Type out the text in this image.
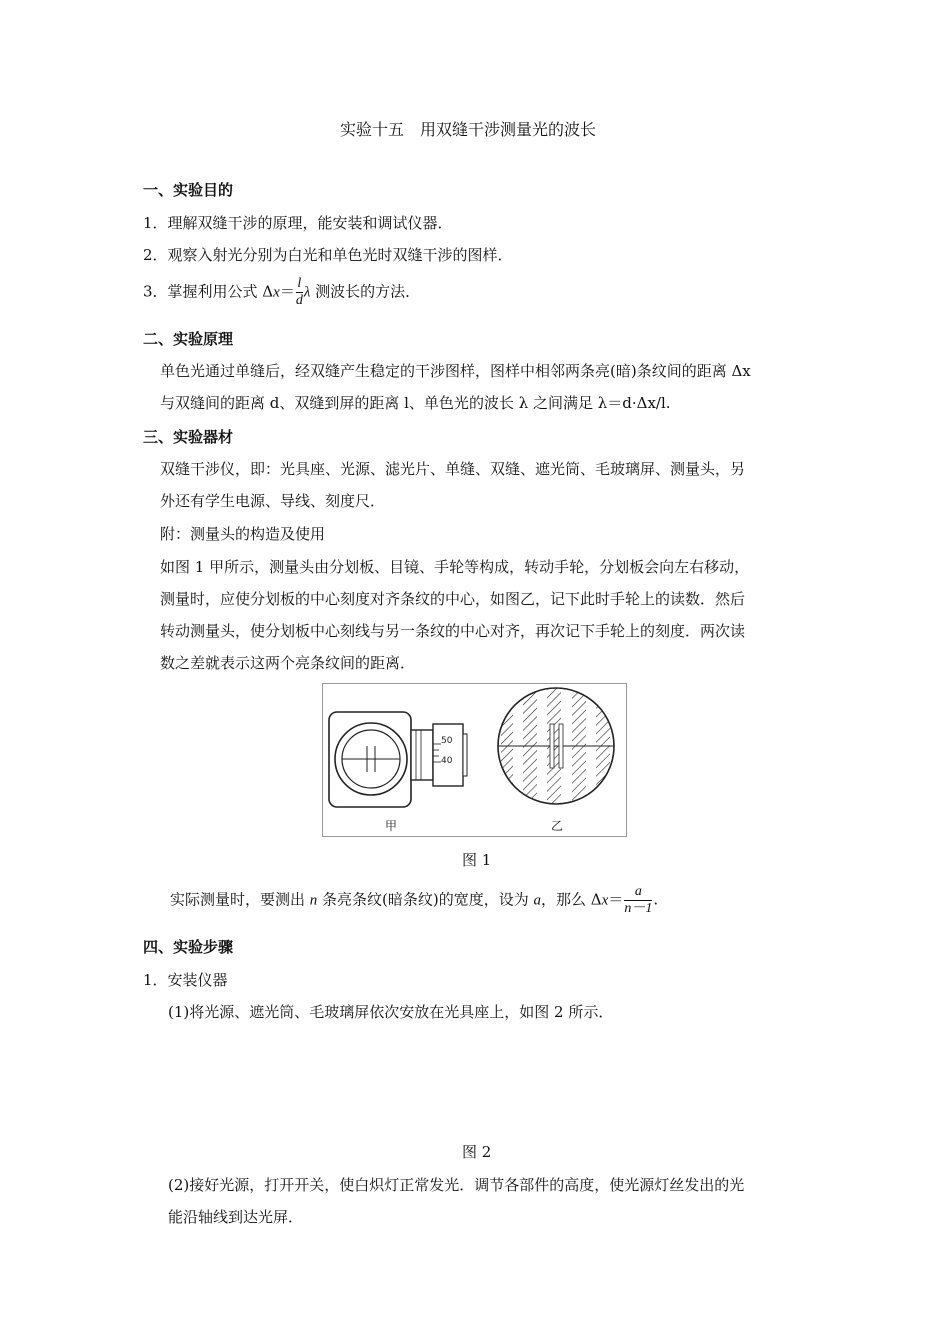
实验十五　用双缝干涉测量光的波长
一、实验目的
1．理解双缝干涉的原理，能安装和调试仪器．
2．观察入射光分别为白光和单色光时双缝干涉的图样．
3．掌握利用公式 $\Delta x= \frac{l}{d}$ λ 测波长的方法．
二、实验原理
单色光通过单缝后，经双缝产生稳定的干涉图样，图样中相邻两条亮(暗)条纹间的距离 Δx
与双缝间的距离 d、双缝到屏的距离 l、单色光的波长 λ 之间满足 λ＝d·Δx/l.
三、实验器材
双缝干涉仪，即：光具座、光源、滤光片、单缝、双缝、遮光筒、毛玻璃屏、测量头，另
外还有学生电源、导线、刻度尺．
附：测量头的构造及使用
如图 1 甲所示，测量头由分划板、目镜、手轮等构成，转动手轮，分划板会向左右移动，
测量时，应使分划板的中心刻度对齐条纹的中心，如图乙，记下此时手轮上的读数．然后
转动测量头，使分划板中心刻线与另一条纹的中心对齐，再次记下手轮上的刻度．两次读
数之差就表示这两个亮条纹间的距离．
50
40
甲	乙
图 1
实际测量时，要测出 n 条亮条纹(暗条纹)的宽度，设为 a，那么 $\Delta x= \frac{a}{n-1}$ .
四、实验步骤
1．安装仪器
(1)将光源、遮光筒、毛玻璃屏依次安放在光具座上，如图 2 所示．
图 2
(2)接好光源，打开开关，使白炽灯正常发光．调节各部件的高度，使光源灯丝发出的光
能沿轴线到达光屏．
